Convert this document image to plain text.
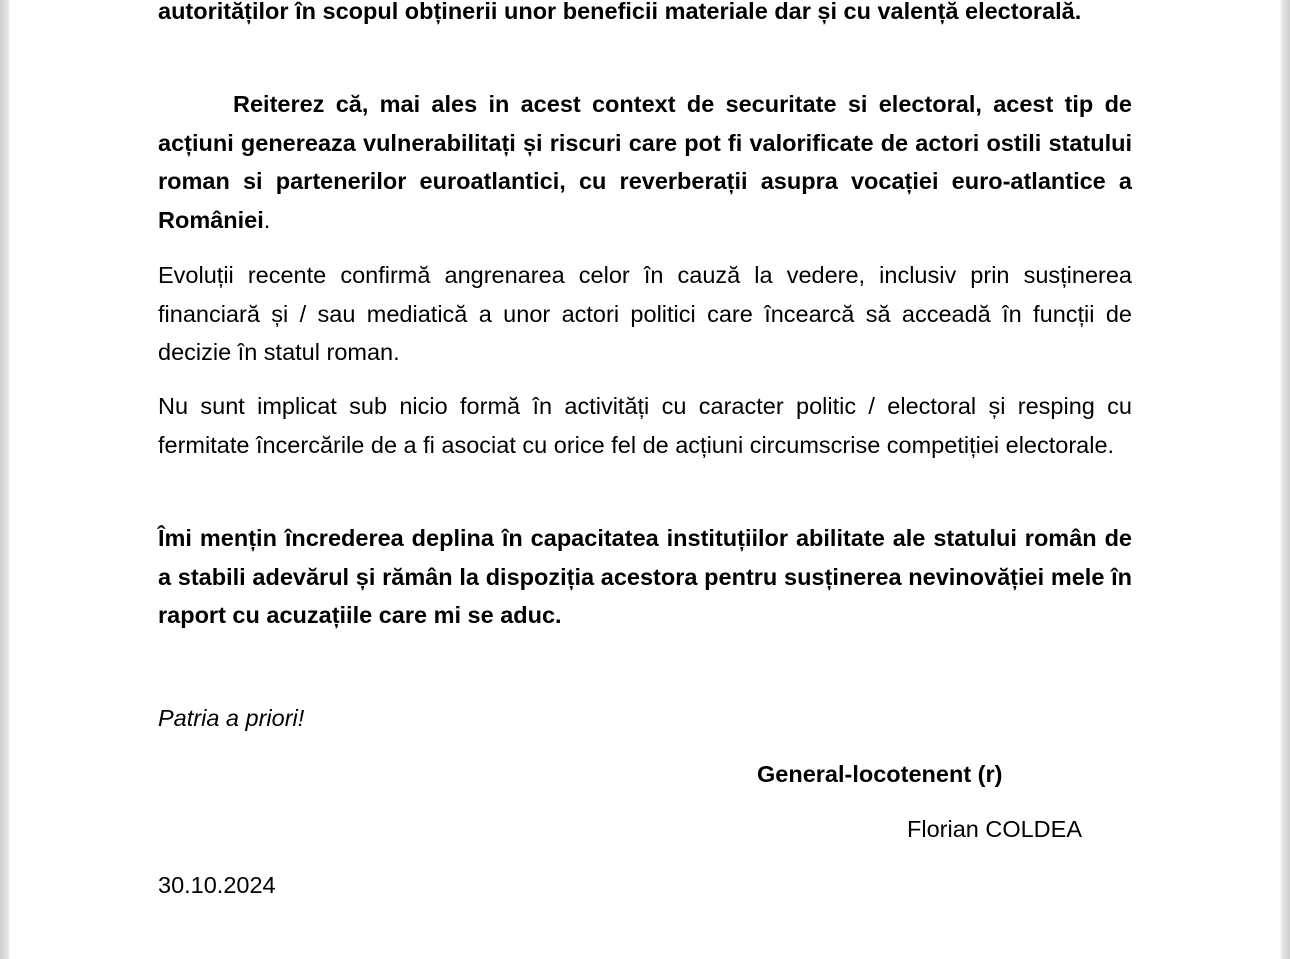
autorităților în scopul obținerii unor beneficii materiale dar și cu valență electorală.

Reiterez că, mai ales in acest context de securitate si electoral, acest tip de acțiuni genereaza vulnerabilitați și riscuri care pot fi valorificate de actori ostili statului roman si partenerilor euroatlantici, cu reverberații asupra vocației euro-atlantice a României.

Evoluții recente confirmă angrenarea celor în cauză la vedere, inclusiv prin susținerea financiară și / sau mediatică a unor actori politici care încearcă să acceadă în funcții de decizie în statul roman.

Nu sunt implicat sub nicio formă în activități cu caracter politic / electoral și resping cu fermitate încercările de a fi asociat cu orice fel de acțiuni circumscrise competiției electorale.

Îmi mențin încrederea deplina în capacitatea instituțiilor abilitate ale statului român de a stabili adevărul și rămân la dispoziția acestora pentru susținerea nevinovăției mele în raport cu acuzațiile care mi se aduc.

Patria a priori!
General-locotenent (r)
Florian COLDEA
30.10.2024
